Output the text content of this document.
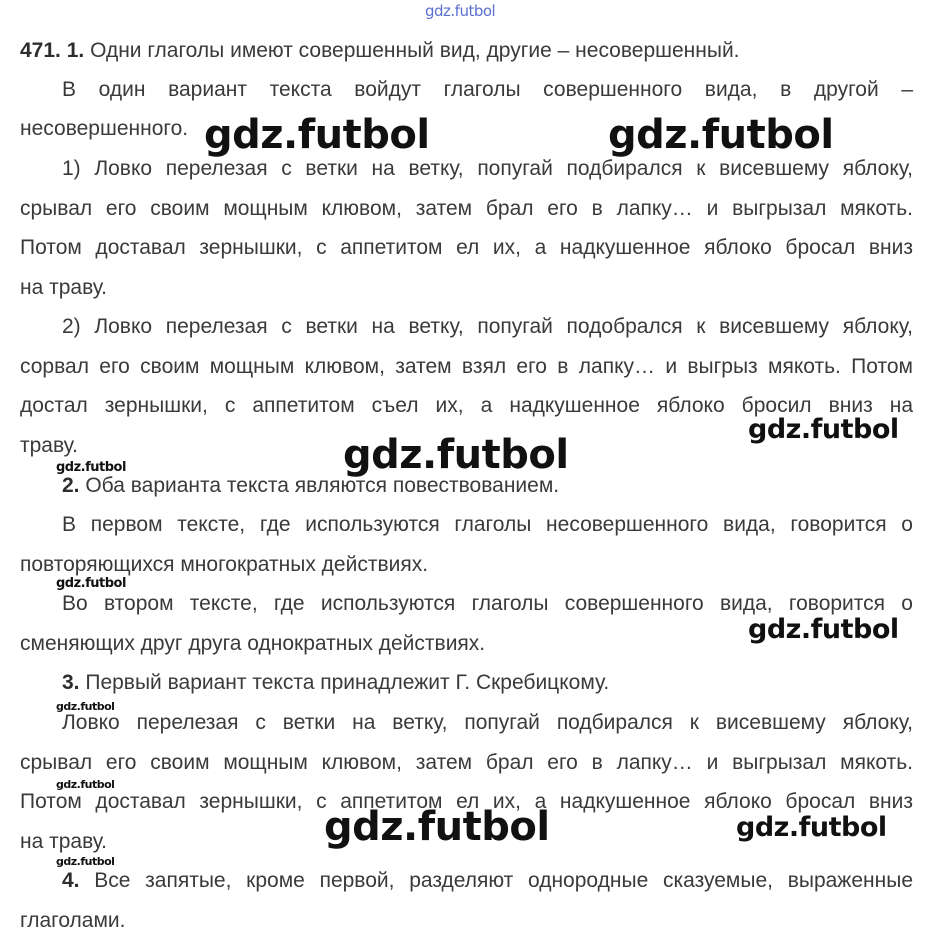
gdz.futbol
gdz.futbol	gdz.futbol
gdz.futbol
gdz.futbol
gdz.futbol
gdz.futbol
gdz.futbol
gdz.futbol
gdz.futbol
gdz.futbol	gdz.futbol
gdz.futbol
471. 1. Одни глаголы имеют совершенный вид, другие – несовершенный.
В один вариант текста войдут глаголы совершенного вида, в другой –
несовершенного.
1) Ловко перелезая с ветки на ветку, попугай подбирался к висевшему яблоку,
срывал его своим мощным клювом, затем брал его в лапку… и выгрызал мякоть.
Потом доставал зернышки, с аппетитом ел их, а надкушенное яблоко бросал вниз
на траву.
2) Ловко перелезая с ветки на ветку, попугай подобрался к висевшему яблоку,
сорвал его своим мощным клювом, затем взял его в лапку… и выгрыз мякоть. Потом
достал зернышки, с аппетитом съел их, а надкушенное яблоко бросил вниз на
траву.
2. Оба варианта текста являются повествованием.
В первом тексте, где используются глаголы несовершенного вида, говорится о
повторяющихся многократных действиях.
Во втором тексте, где используются глаголы совершенного вида, говорится о
сменяющих друг друга однократных действиях.
3. Первый вариант текста принадлежит Г. Скребицкому.
Ловко перелезая с ветки на ветку, попугай подбирался к висевшему яблоку,
срывал его своим мощным клювом, затем брал его в лапку… и выгрызал мякоть.
Потом доставал зернышки, с аппетитом ел их, а надкушенное яблоко бросал вниз
на траву.
4. Все запятые, кроме первой, разделяют однородные сказуемые, выраженные
глаголами.
